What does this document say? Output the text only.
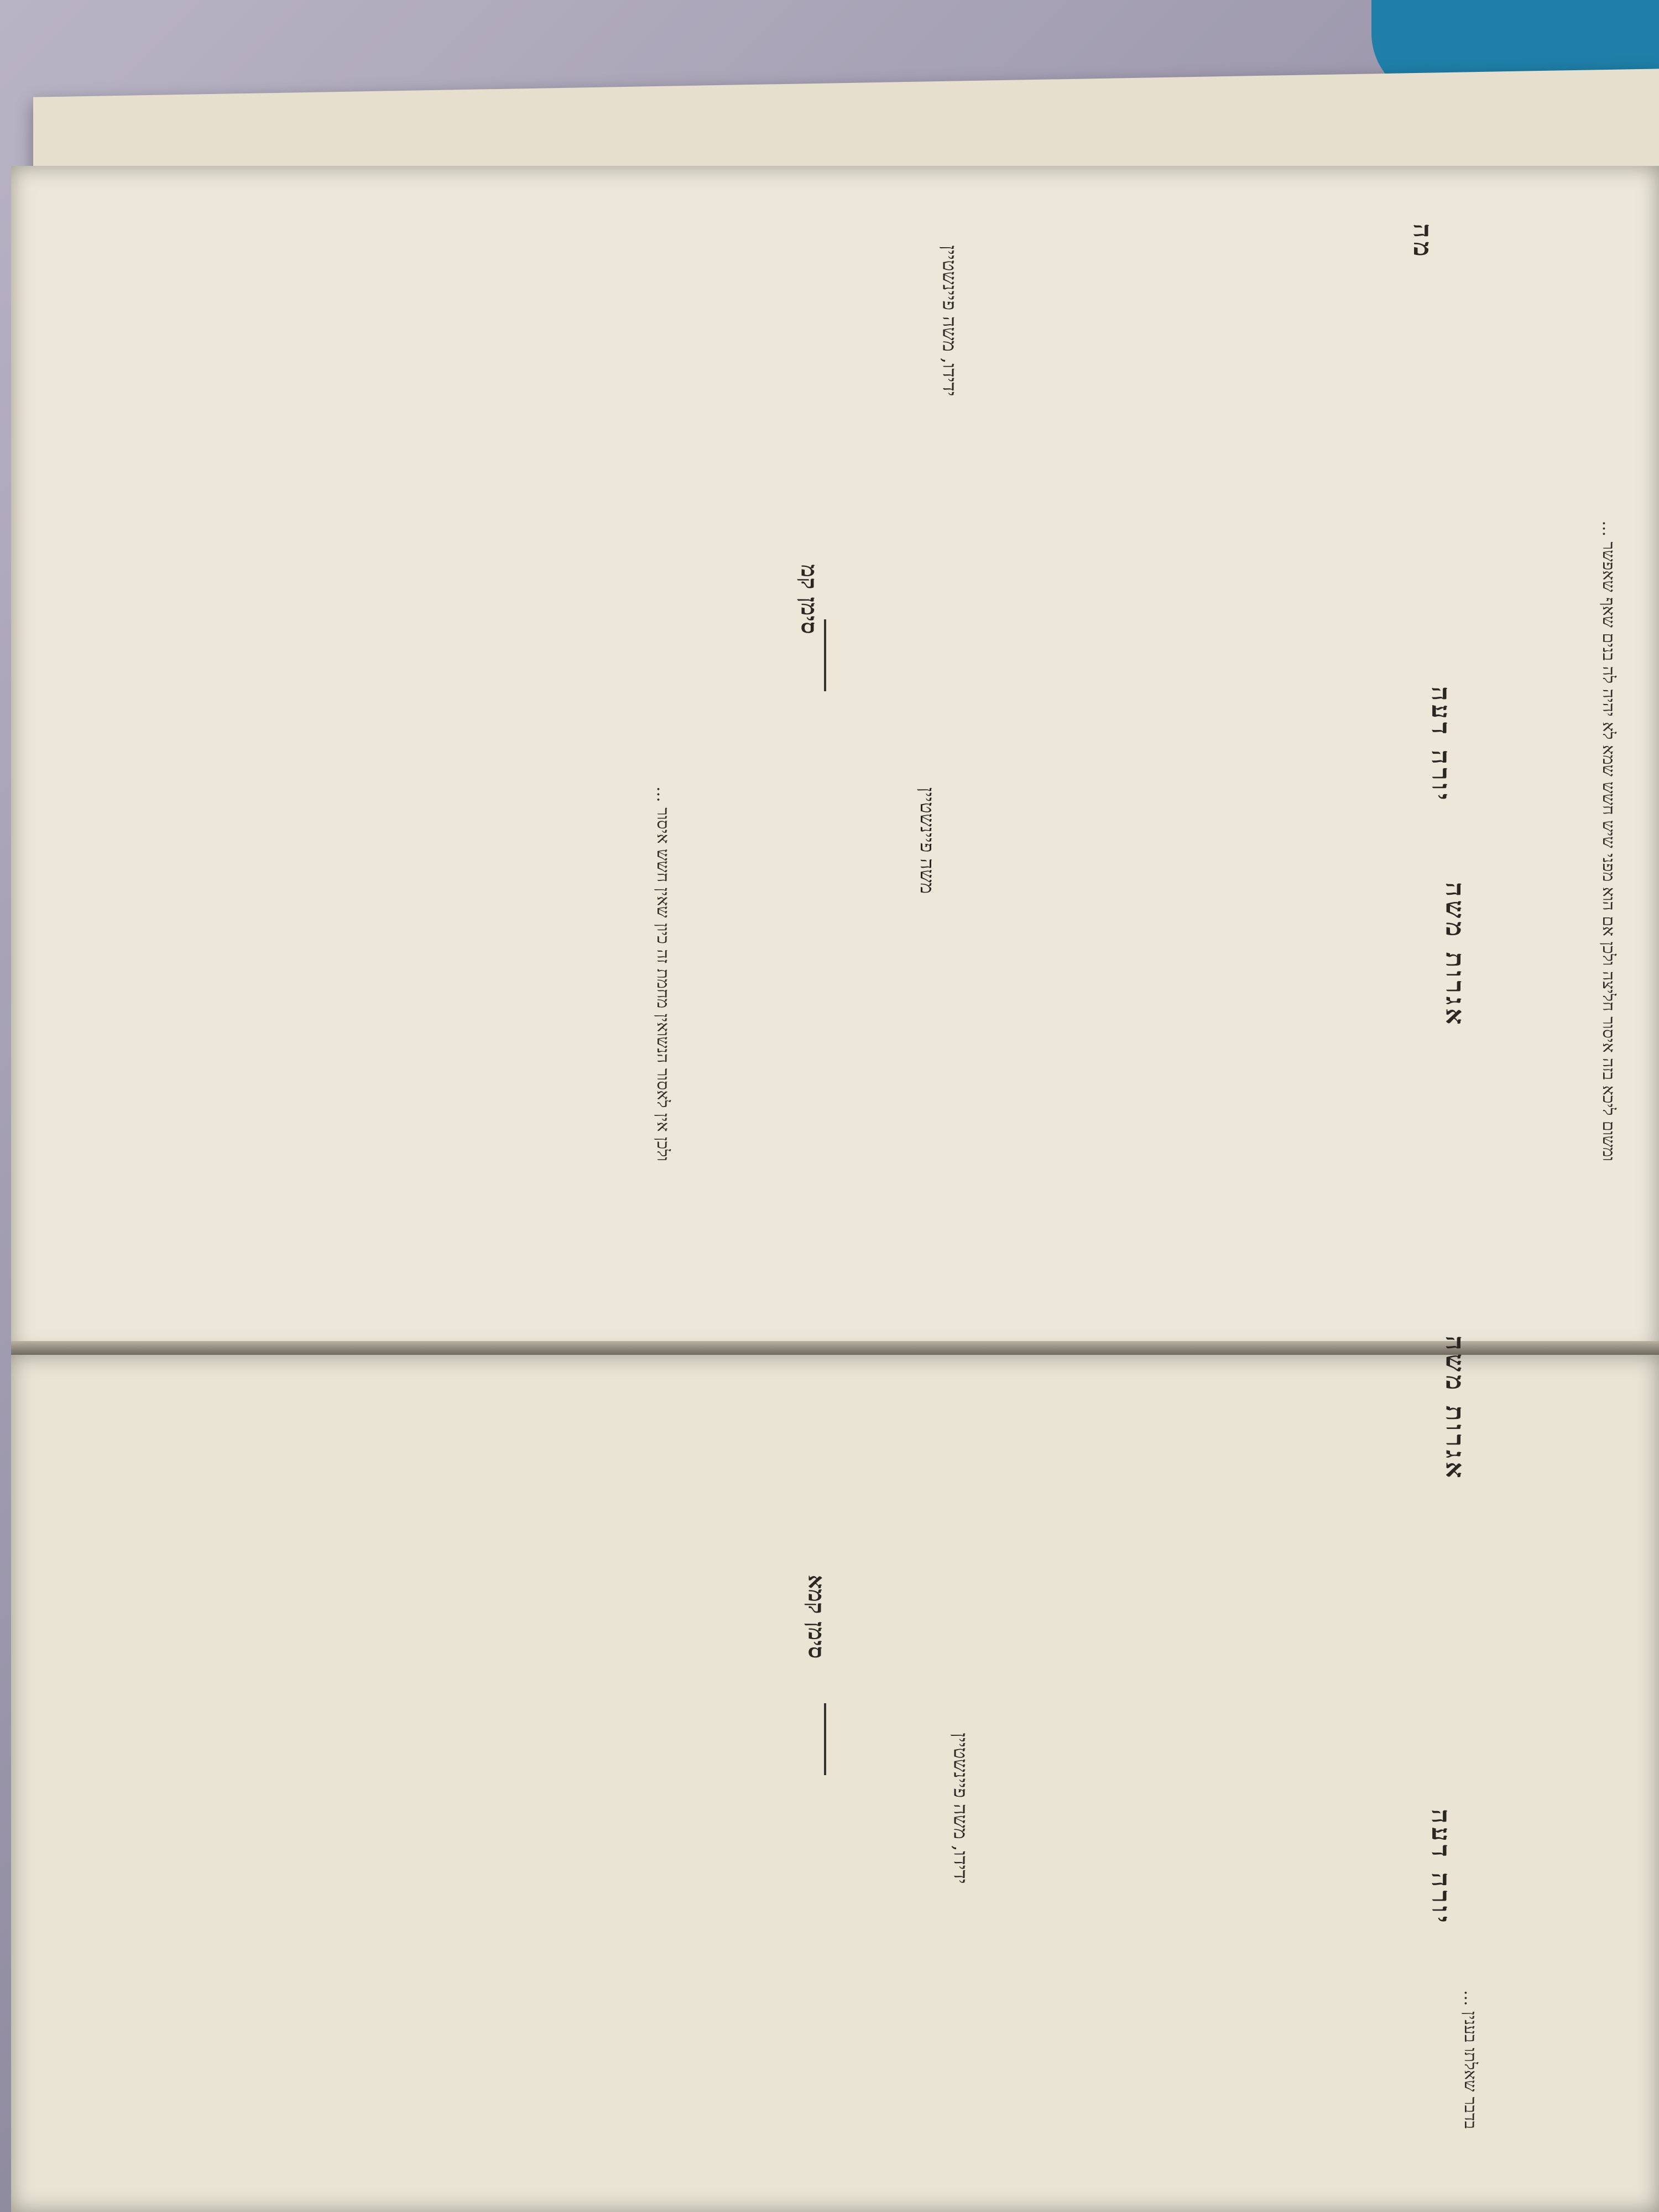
יורה דעה
אגרות משה
מה
סימן קמ
ידידו, משה פיינשטיין
משה פיינשטיין	ומשום ליכא בזה איסור חליצה ולכן אם הוא מפני שיש חשש שמא לא יהיה לה בנים שאף שאפשר ...
ולכן אין לאסור הנשואין מחמת זה כיון שאין חשש איסור ...
אגרות משה
יורה דעה
סימן קמא
ידידו, משה פיינשטיין
בדבר שאלתו בענין ...
